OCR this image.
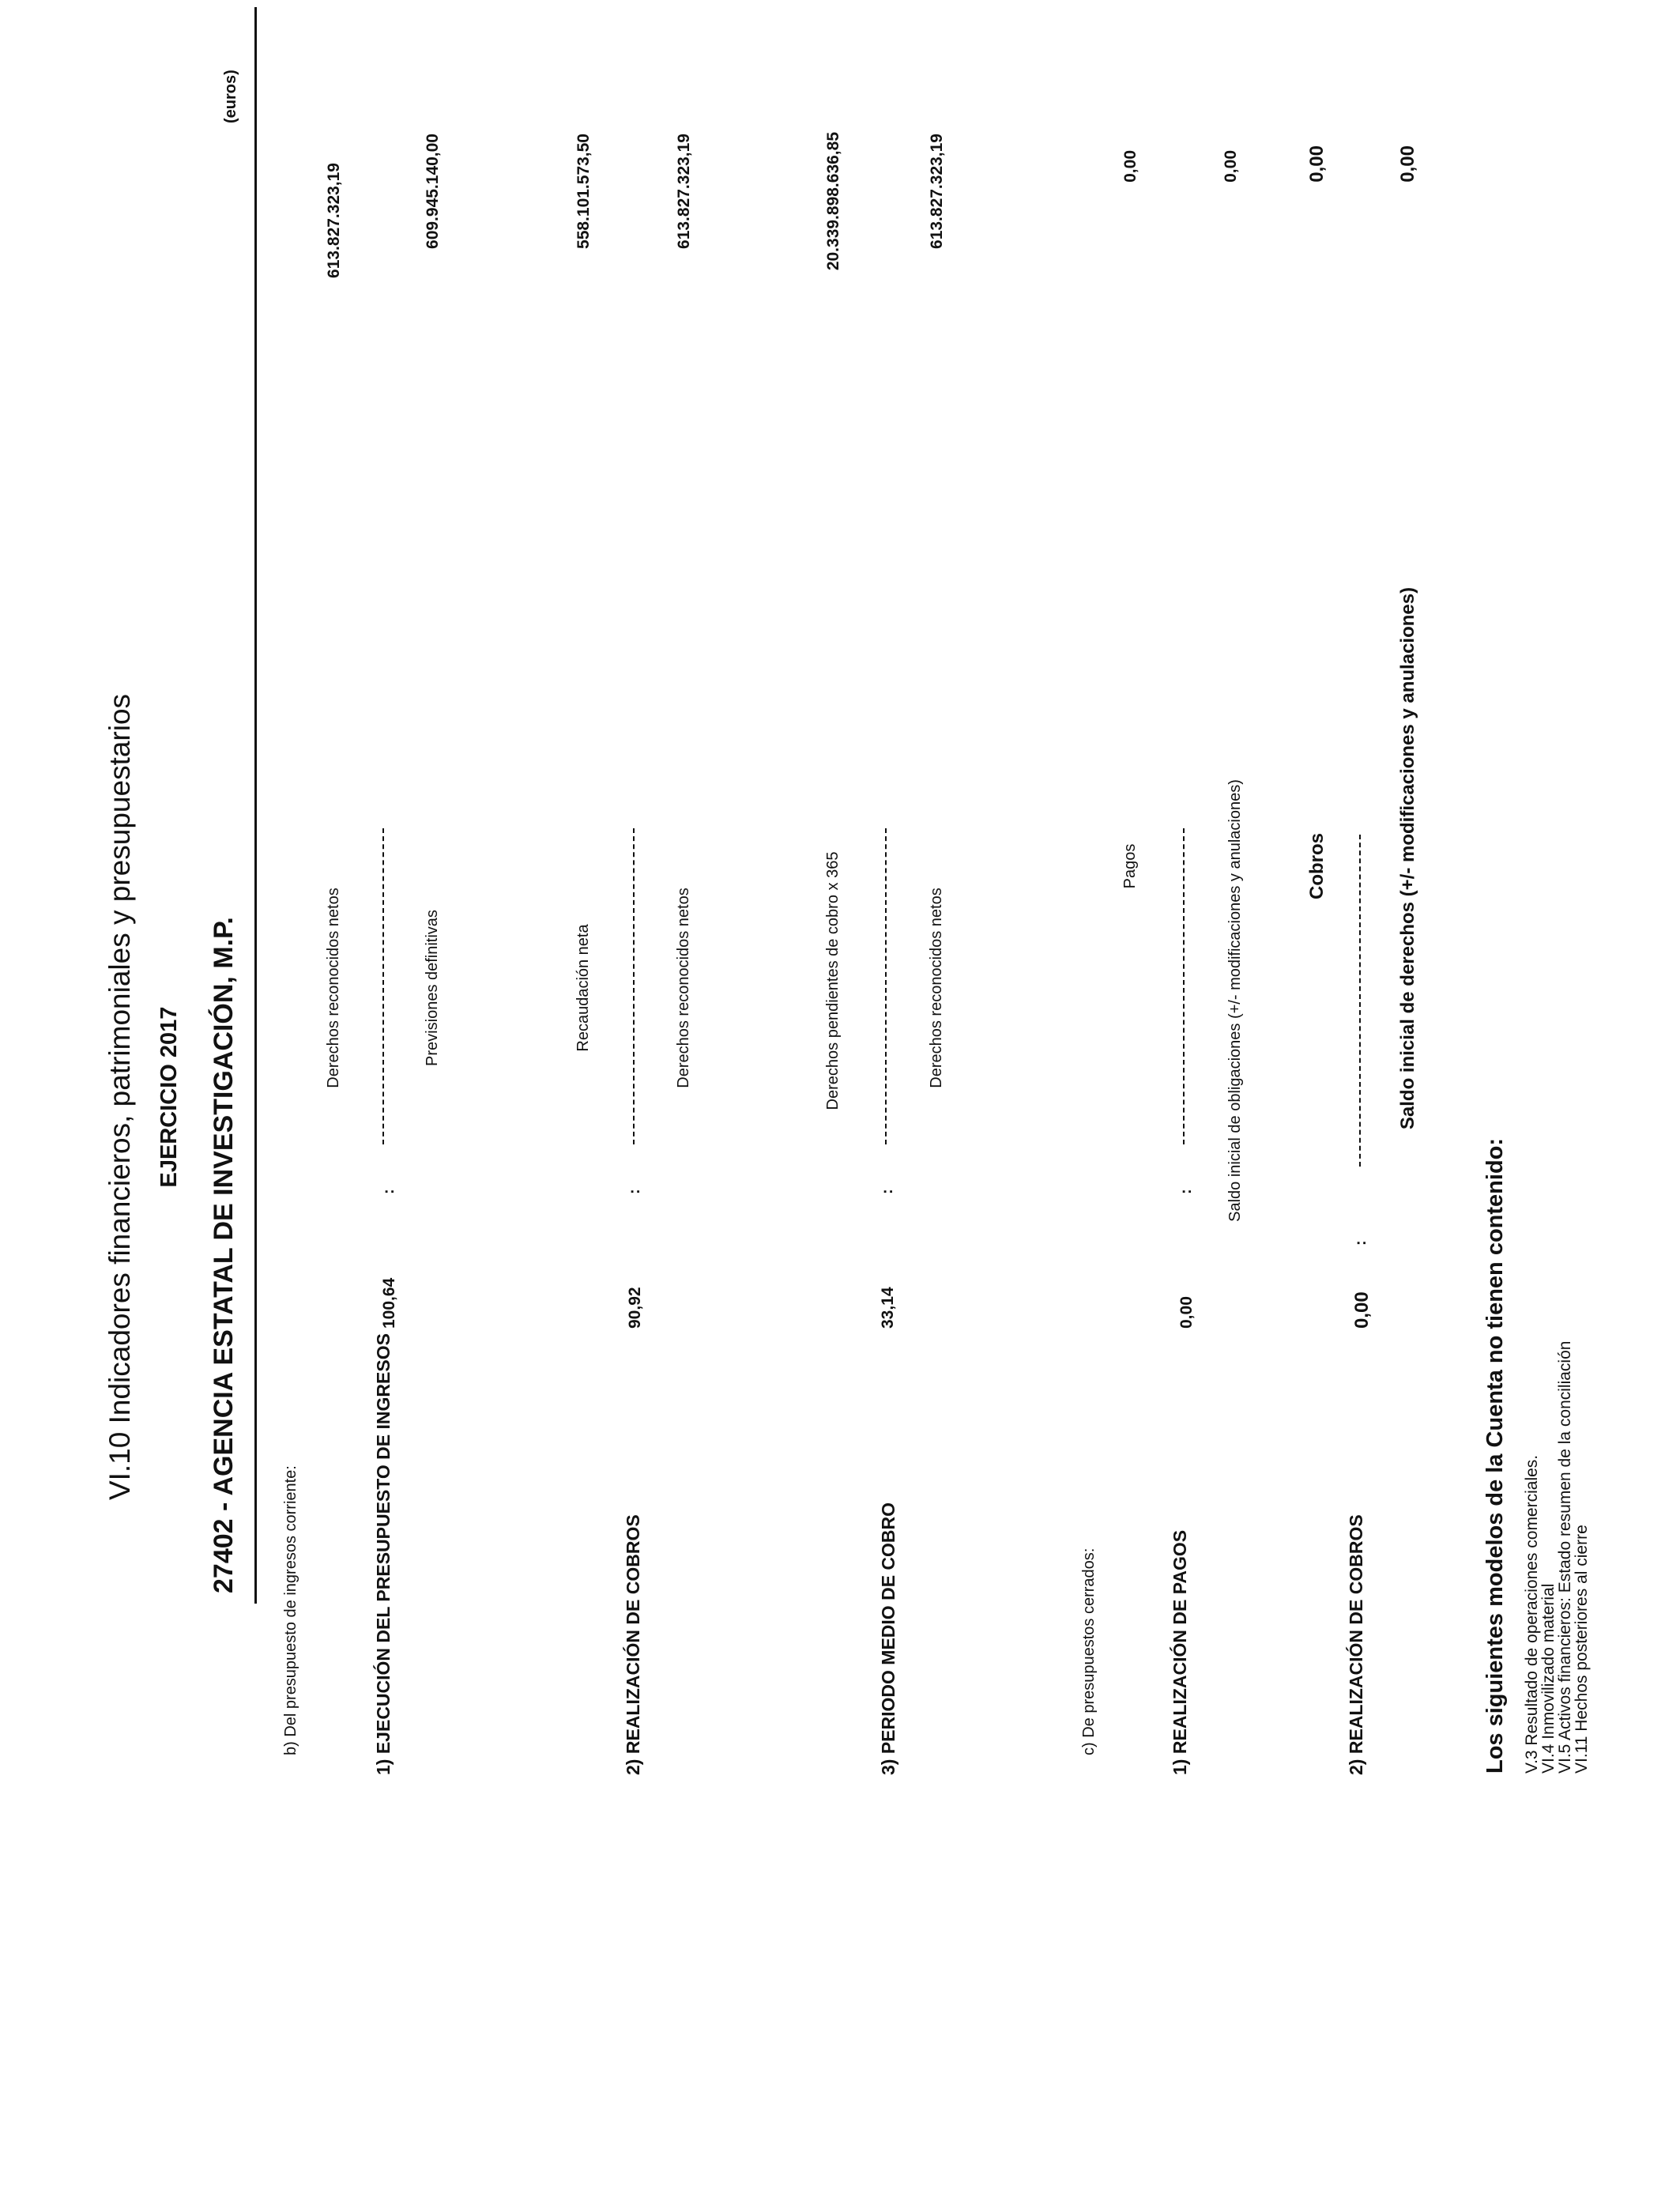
VI.10 Indicadores financieros, patrimoniales y presupuestarios EJERCICIO 2017 27402 - AGENCIA ESTATAL DE INVESTIGACIÓN, M.P.
(euros)
b) Del presupuesto de ingresos corriente:	1) EJECUCIÓN DEL PRESUPUESTO DE INGRESOS
100,64
:
Derechos reconocidos netos	Previsiones definitivas
613.827.323,19	609.945.140,00
2) REALIZACIÓN DE COBROS
90,92
:
Recaudación neta	Derechos reconocidos netos
558.101.573,50	613.827.323,19
3) PERIODO MEDIO DE COBRO
33,14
:
Derechos pendientes de cobro x 365	Derechos reconocidos netos
20.339.898.636,85	613.827.323,19
c) De presupuestos cerrados:	1) REALIZACIÓN DE PAGOS
0,00
:
Pagos	Saldo inicial de obligaciones (+/- modificaciones y anulaciones)
0,00	0,00
2) REALIZACIÓN DE COBROS
0,00
:
Cobros	Saldo inicial de derechos (+/- modificaciones y anulaciones)
0,00	0,00
Los siguientes modelos de la Cuenta no tienen contenido: V.3 Resultado de operaciones comerciales.
VI.4 Inmovilizado material
VI.5 Activos financieros: Estado resumen de la conciliación
VI.11 Hechos posteriores al cierre
